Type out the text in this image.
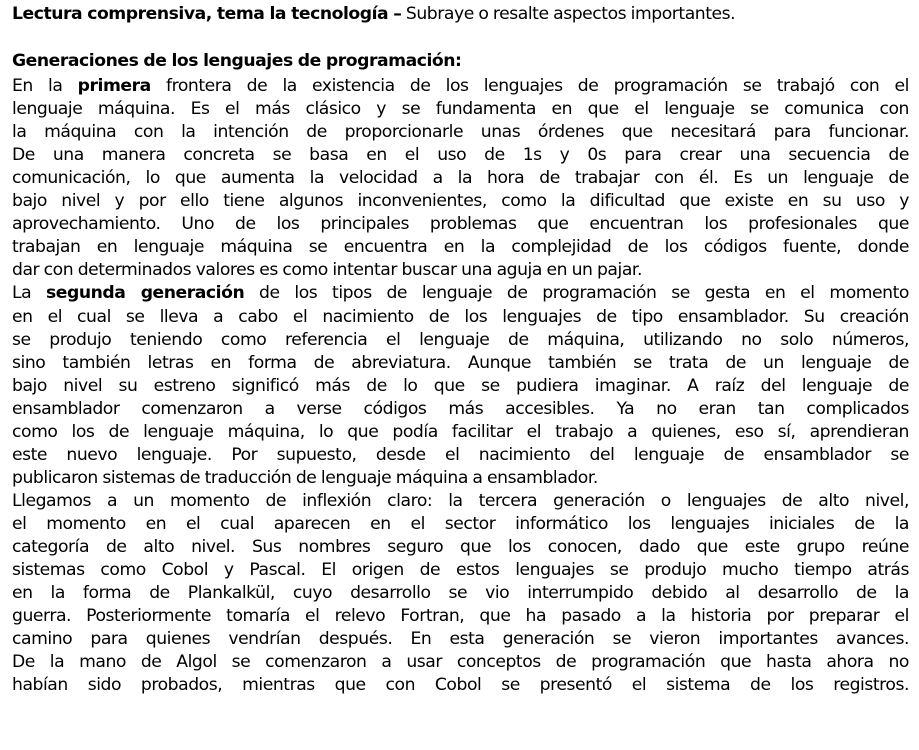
Lectura comprensiva, tema la tecnología – Subraye o resalte aspectos importantes.
Generaciones de los lenguajes de programación:
En la primera frontera de la existencia de los lenguajes de programación se trabajó con el
lenguaje máquina. Es el más clásico y se fundamenta en que el lenguaje se comunica con
la máquina con la intención de proporcionarle unas órdenes que necesitará para funcionar.
De una manera concreta se basa en el uso de 1s y 0s para crear una secuencia de
comunicación, lo que aumenta la velocidad a la hora de trabajar con él. Es un lenguaje de
bajo nivel y por ello tiene algunos inconvenientes, como la dificultad que existe en su uso y
aprovechamiento. Uno de los principales problemas que encuentran los profesionales que
trabajan en lenguaje máquina se encuentra en la complejidad de los códigos fuente, donde
dar con determinados valores es como intentar buscar una aguja en un pajar.
La segunda generación de los tipos de lenguaje de programación se gesta en el momento
en el cual se lleva a cabo el nacimiento de los lenguajes de tipo ensamblador. Su creación
se produjo teniendo como referencia el lenguaje de máquina, utilizando no solo números,
sino también letras en forma de abreviatura. Aunque también se trata de un lenguaje de
bajo nivel su estreno significó más de lo que se pudiera imaginar. A raíz del lenguaje de
ensamblador comenzaron a verse códigos más accesibles. Ya no eran tan complicados
como los de lenguaje máquina, lo que podía facilitar el trabajo a quienes, eso sí, aprendieran
este nuevo lenguaje. Por supuesto, desde el nacimiento del lenguaje de ensamblador se
publicaron sistemas de traducción de lenguaje máquina a ensamblador.
Llegamos a un momento de inflexión claro: la tercera generación o lenguajes de alto nivel,
el momento en el cual aparecen en el sector informático los lenguajes iniciales de la
categoría de alto nivel. Sus nombres seguro que los conocen, dado que este grupo reúne
sistemas como Cobol y Pascal. El origen de estos lenguajes se produjo mucho tiempo atrás
en la forma de Plankalkül, cuyo desarrollo se vio interrumpido debido al desarrollo de la
guerra. Posteriormente tomaría el relevo Fortran, que ha pasado a la historia por preparar el
camino para quienes vendrían después. En esta generación se vieron importantes avances.
De la mano de Algol se comenzaron a usar conceptos de programación que hasta ahora no
habían sido probados, mientras que con Cobol se presentó el sistema de los registros.
